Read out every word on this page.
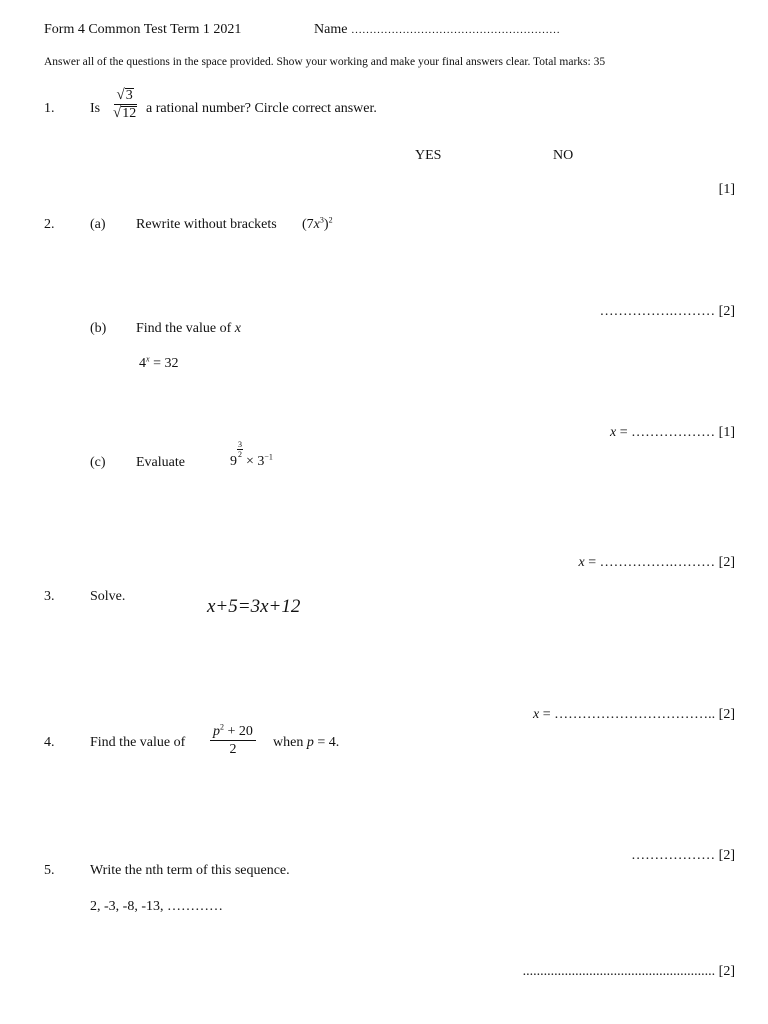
Form 4 Common Test Term 1 2021	Name …………………………………………………
Answer all of the questions in the space provided. Show your working and make your final answers clear. Total marks: 35
1.	Is $\frac{√ 3}{√ 12}$ a rational number? Circle correct answer.
YES	NO
[1]
2.	(a) Rewrite without brackets $(7x^3)^2$
…………….……… [2]
(b) Find the value of x
$4^x = 32$
x = ……………… [1]
(c) Evaluate	9
$\frac{3}{2}$
× $3^{-1}$
x = …………….……… [2]
3.	Solve.	x+5=3x+12
x = …………………………….. [2]
4.	Find the value of $\frac{p^2 + 20}{2}$ when p = 4.
……………… [2]
5.	Write the nth term of this sequence.
2, -3, -8, -13, …………
....................................................... [2]
